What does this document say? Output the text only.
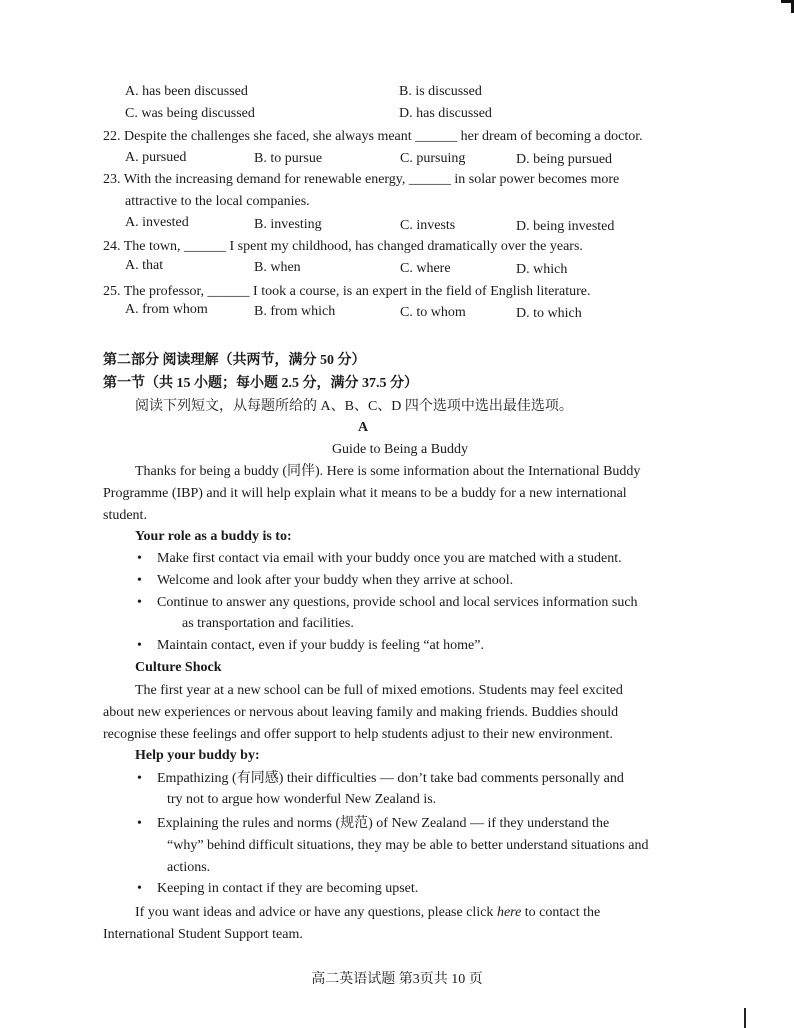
A. has been discussed	B. is discussed
C. was being discussed	D. has discussed
22. Despite the challenges she faced, she always meant ______ her dream of becoming a doctor.
A. pursued	B. to pursue	C. pursuing	D. being pursued
23. With the increasing demand for renewable energy, ______ in solar power becomes more
attractive to the local companies.
A. invested	B. investing	C. invests	D. being invested
24. The town, ______ I spent my childhood, has changed dramatically over the years.
A. that	B. when	C. where	D. which
25. The professor, ______ I took a course, is an expert in the field of English literature.
A. from whom	B. from which	C. to whom	D. to which
第二部分 阅读理解（共两节，满分 50 分）
第一节（共 15 小题；每小题 2.5 分，满分 37.5 分）
阅读下列短文，从每题所给的 A、B、C、D 四个选项中选出最佳选项。
A
Guide to Being a Buddy
Thanks for being a buddy (同伴). Here is some information about the International Buddy
Programme (IBP) and it will help explain what it means to be a buddy for a new international
student.
Your role as a buddy is to:
• Make first contact via email with your buddy once you are matched with a student.
• Welcome and look after your buddy when they arrive at school.
• Continue to answer any questions, provide school and local services information such
as transportation and facilities.
• Maintain contact, even if your buddy is feeling “at home”.
Culture Shock
The first year at a new school can be full of mixed emotions. Students may feel excited
about new experiences or nervous about leaving family and making friends. Buddies should
recognise these feelings and offer support to help students adjust to their new environment.
Help your buddy by:
• Empathizing (有同感) their difficulties — don’t take bad comments personally and
try not to argue how wonderful New Zealand is.
• Explaining the rules and norms (规范) of New Zealand — if they understand the
“why” behind difficult situations, they may be able to better understand situations and
actions.
• Keeping in contact if they are becoming upset.
If you want ideas and advice or have any questions, please click here to contact the
International Student Support team.
高二英语试题 第3页共 10 页
